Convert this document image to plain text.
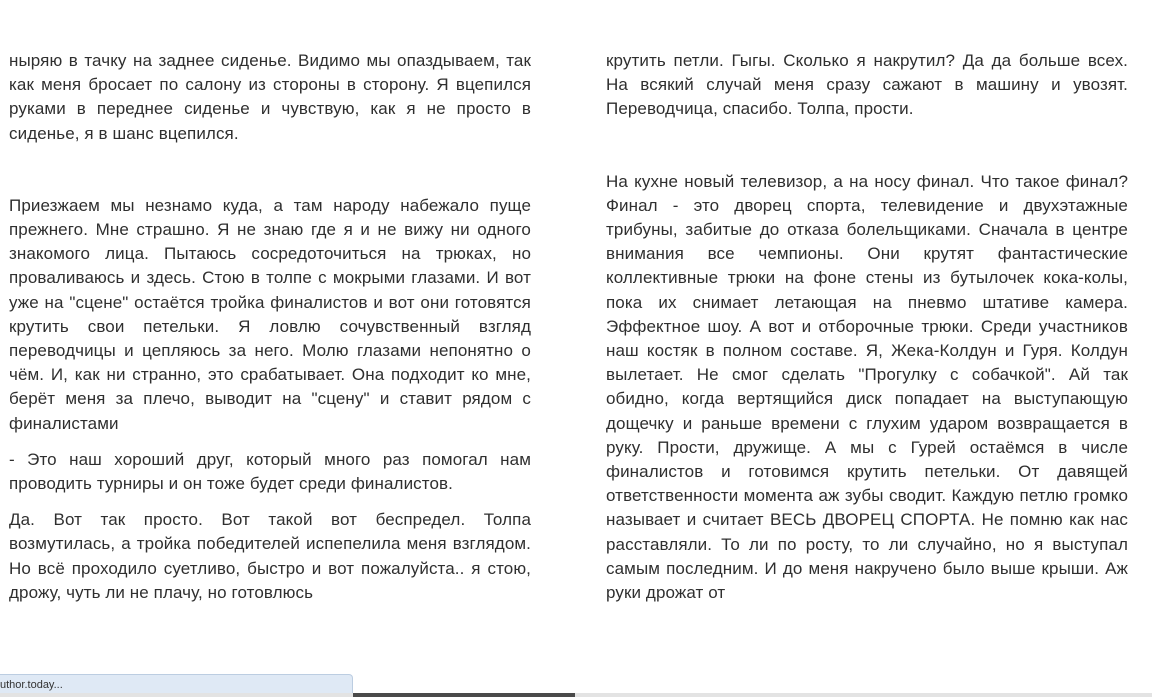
ныряю в тачку на заднее сиденье. Видимо мы опаздываем, так как меня бросает по салону из стороны в сторону. Я вцепился руками в переднее сиденье и чувствую, как я не просто в сиденье, я в шанс вцепился.

Приезжаем мы незнамо куда, а там народу набежало пуще прежнего. Мне страшно. Я не знаю где я и не вижу ни одного знакомого лица. Пытаюсь сосредоточиться на трюках, но проваливаюсь и здесь. Стою в толпе с мокрыми глазами. И вот уже на "сцене" остаётся тройка финалистов и вот они готовятся крутить свои петельки. Я ловлю сочувственный взгляд переводчицы и цепляюсь за него. Молю глазами непонятно о чём. И, как ни странно, это срабатывает. Она подходит ко мне, берёт меня за плечо, выводит на "сцену" и ставит рядом с финалистами

- Это наш хороший друг, который много раз помогал нам проводить турниры и он тоже будет среди финалистов.

Да. Вот так просто. Вот такой вот беспредел. Толпа возмутилась, а тройка победителей испепелила меня взглядом. Но всё проходило суетливо, быстро и вот пожалуйста.. я стою, дрожу, чуть ли не плачу, но готовлюсь

крутить петли. Гыгы. Сколько я накрутил? Да да больше всех. На всякий случай меня сразу сажают в машину и увозят. Переводчица, спасибо. Толпа, прости.

На кухне новый телевизор, а на носу финал. Что такое финал? Финал - это дворец спорта, телевидение и двухэтажные трибуны, забитые до отказа болельщиками. Сначала в центре внимания все чемпионы. Они крутят фантастические коллективные трюки на фоне стены из бутылочек кока-колы, пока их снимает летающая на пневмо штативе камера. Эффектное шоу. А вот и отборочные трюки. Среди участников наш костяк в полном составе. Я, Жека-Колдун и Гуря. Колдун вылетает. Не смог сделать "Прогулку с собачкой". Ай так обидно, когда вертящийся диск попадает на выступающую дощечку и раньше времени с глухим ударом возвращается в руку. Прости, дружище. А мы с Гурей остаёмся в числе финалистов и готовимся крутить петельки. От давящей ответственности момента аж зубы сводит. Каждую петлю громко называет и считает ВЕСЬ ДВОРЕЦ СПОРТА. Не помню как нас расставляли. То ли по росту, то ли случайно, но я выступал самым последним. И до меня накручено было выше крыши. Аж руки дрожат от

uthor.today...
